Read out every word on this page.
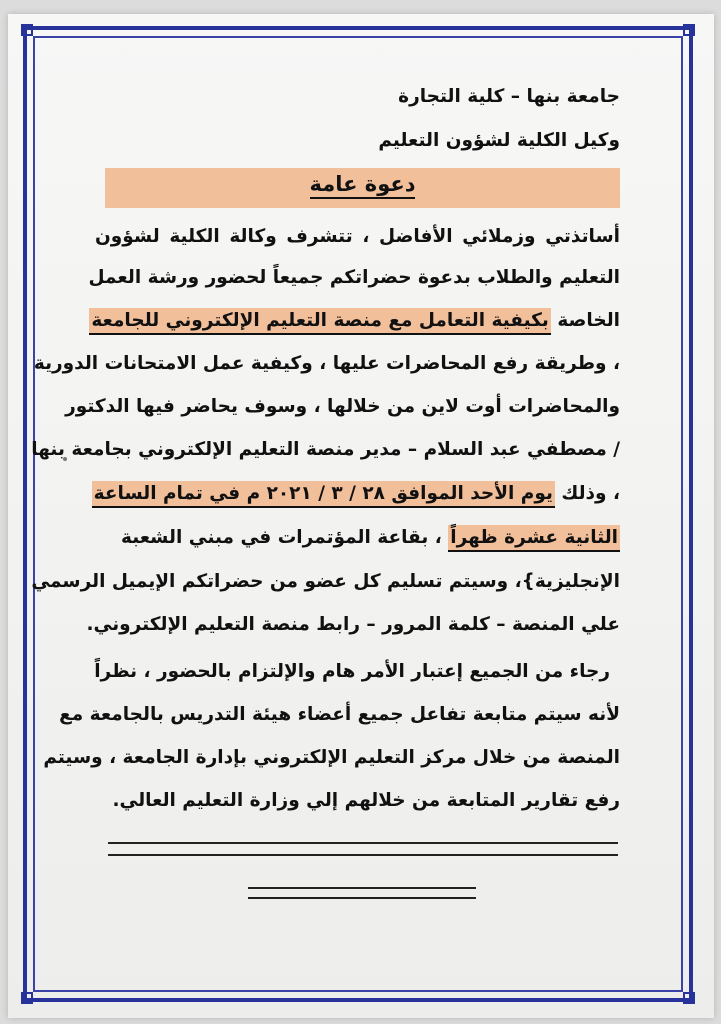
جامعة بنها – كلية التجارة
وكيل الكلية لشؤون التعليم
دعوة عامة
أساتذتي وزملائي الأفاضل ، تتشرف وكالة الكلية لشؤون
التعليم والطلاب بدعوة حضراتكم جميعاً لحضور ورشة العمل
الخاصة بكيفية التعامل مع منصة التعليم الإلكتروني للجامعة
، وطريقة رفع المحاضرات عليها ، وكيفية عمل الامتحانات الدورية
والمحاضرات أوت لاين من خلالها ، وسوف يحاضر فيها الدكتور
/ مصطفي عبد السلام – مدير منصة التعليم الإلكتروني بجامعة بنها
، وذلك يوم الأحد الموافق ٢٨ / ٣ / ٢٠٢١ م في تمام الساعة
الثانية عشرة ظهراً ، بقاعة المؤتمرات في مبني الشعبة
الإنجليزية}، وسيتم تسليم كل عضو من حضراتكم الإيميل الرسمي
علي المنصة – كلمة المرور – رابط منصة التعليم الإلكتروني.
رجاء من الجميع إعتبار الأمر هام والإلتزام بالحضور ، نظراً
لأنه سيتم متابعة تفاعل جميع أعضاء هيئة التدريس بالجامعة مع
المنصة من خلال مركز التعليم الإلكتروني بإدارة الجامعة ، وسيتم
رفع تقارير المتابعة من خلالهم إلي وزارة التعليم العالي.
